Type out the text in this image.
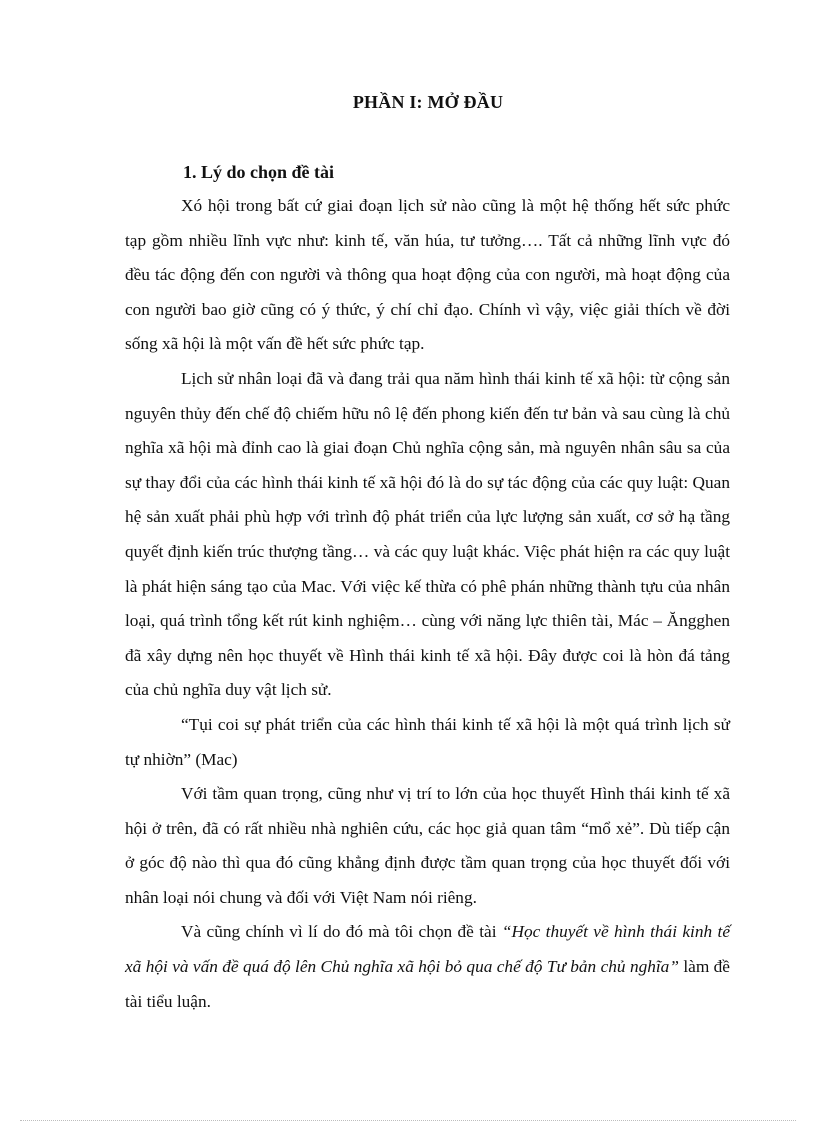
PHẦN I: MỞ ĐẦU
1. Lý do chọn đề tài

Xó hội trong bất cứ giai đoạn lịch sử nào cũng là một hệ thống hết sức phức tạp gồm nhiều lĩnh vực như: kinh tế, văn húa, tư tưởng…. Tất cả những lĩnh vực đó đều tác động đến con người và thông qua hoạt động của con người, mà hoạt động của con người bao giờ cũng có ý thức, ý chí chỉ đạo. Chính vì vậy, việc giải thích về đời sống xã hội là một vấn đề hết sức phức tạp.

Lịch sử nhân loại đã và đang trải qua năm hình thái kinh tế xã hội: từ cộng sản nguyên thủy đến chế độ chiếm hữu nô lệ đến phong kiến đến tư bản và sau cùng là chủ nghĩa xã hội mà đỉnh cao là giai đoạn Chủ nghĩa cộng sản, mà nguyên nhân sâu sa của sự thay đổi của các hình thái kinh tế xã hội đó là do sự tác động của các quy luật: Quan hệ sản xuất phải phù hợp với trình độ phát triển của lực lượng sản xuất, cơ sở hạ tầng quyết định kiến trúc thượng tầng… và các quy luật khác. Việc phát hiện ra các quy luật là phát hiện sáng tạo của Mac. Với việc kế thừa có phê phán những thành tựu của nhân loại, quá trình tổng kết rút kinh nghiệm… cùng với năng lực thiên tài, Mác – Ăngghen đã xây dựng nên học thuyết về Hình thái kinh tế xã hội. Đây được coi là hòn đá tảng của chủ nghĩa duy vật lịch sử.

“Tụi coi sự phát triển của các hình thái kinh tế xã hội là một quá trình lịch sử tự nhiờn” (Mac)

Với tầm quan trọng, cũng như vị trí to lớn của học thuyết Hình thái kinh tế xã hội ở trên, đã có rất nhiều nhà nghiên cứu, các học giả quan tâm “mổ xẻ”. Dù tiếp cận ở góc độ nào thì qua đó cũng khẳng định được tầm quan trọng của học thuyết đối với nhân loại nói chung và đối với Việt Nam nói riêng.

Và cũng chính vì lí do đó mà tôi chọn đề tài “Học thuyết về hình thái kinh tế xã hội và vấn đề quá độ lên Chủ nghĩa xã hội bỏ qua chế độ Tư bản chủ nghĩa” làm đề tài tiểu luận.
